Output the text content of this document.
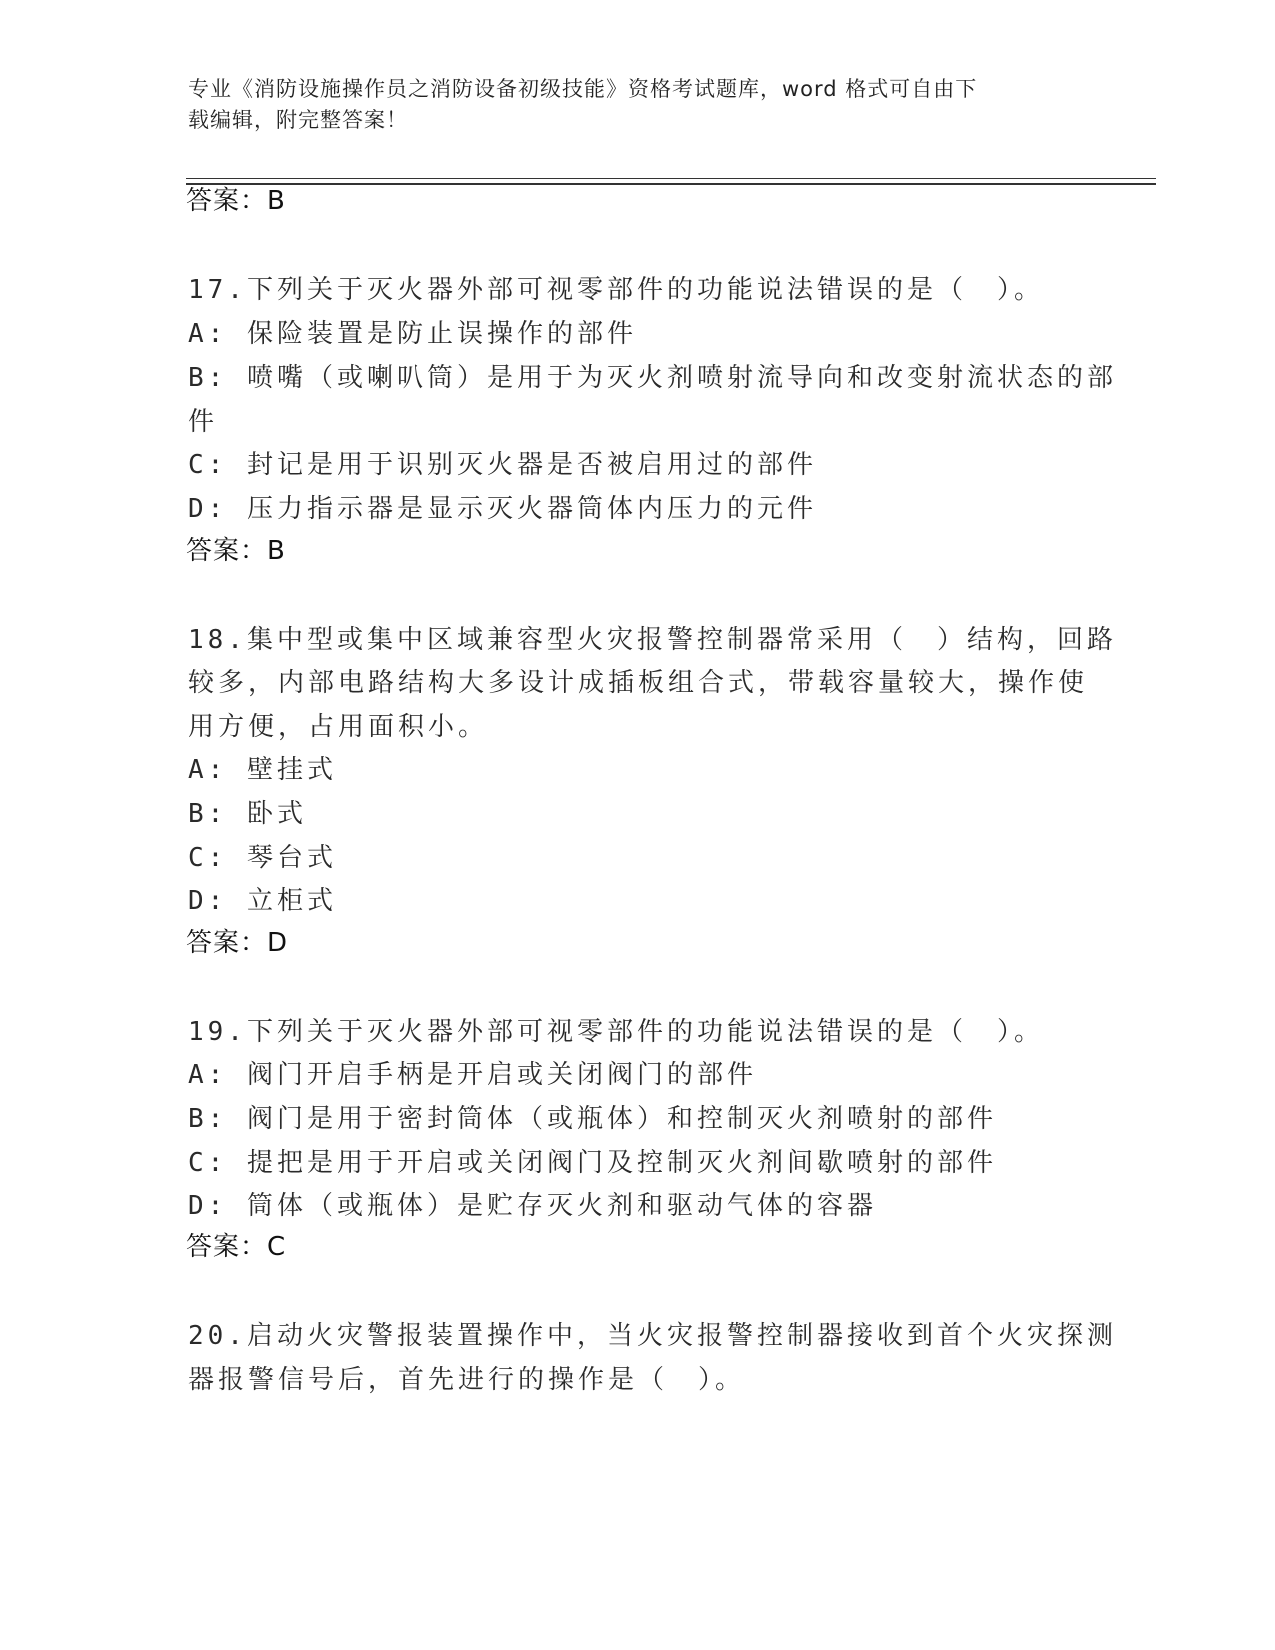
专业《消防设施操作员之消防设备初级技能》资格考试题库，word 格式可自由下
载编辑，附完整答案！
答案：B
17.下列关于灭火器外部可视零部件的功能说法错误的是（　）。
A: 保险装置是防止误操作的部件
B: 喷嘴（或喇叭筒）是用于为灭火剂喷射流导向和改变射流状态的部
件
C: 封记是用于识别灭火器是否被启用过的部件
D: 压力指示器是显示灭火器筒体内压力的元件
答案：B
18.集中型或集中区域兼容型火灾报警控制器常采用（　）结构，回路
较多，内部电路结构大多设计成插板组合式，带载容量较大，操作使
用方便，占用面积小。
A: 壁挂式
B: 卧式
C: 琴台式
D: 立柜式
答案：D
19.下列关于灭火器外部可视零部件的功能说法错误的是（　）。
A: 阀门开启手柄是开启或关闭阀门的部件
B: 阀门是用于密封筒体（或瓶体）和控制灭火剂喷射的部件
C: 提把是用于开启或关闭阀门及控制灭火剂间歇喷射的部件
D: 筒体（或瓶体）是贮存灭火剂和驱动气体的容器
答案：C
20.启动火灾警报装置操作中，当火灾报警控制器接收到首个火灾探测
器报警信号后，首先进行的操作是（　）。
